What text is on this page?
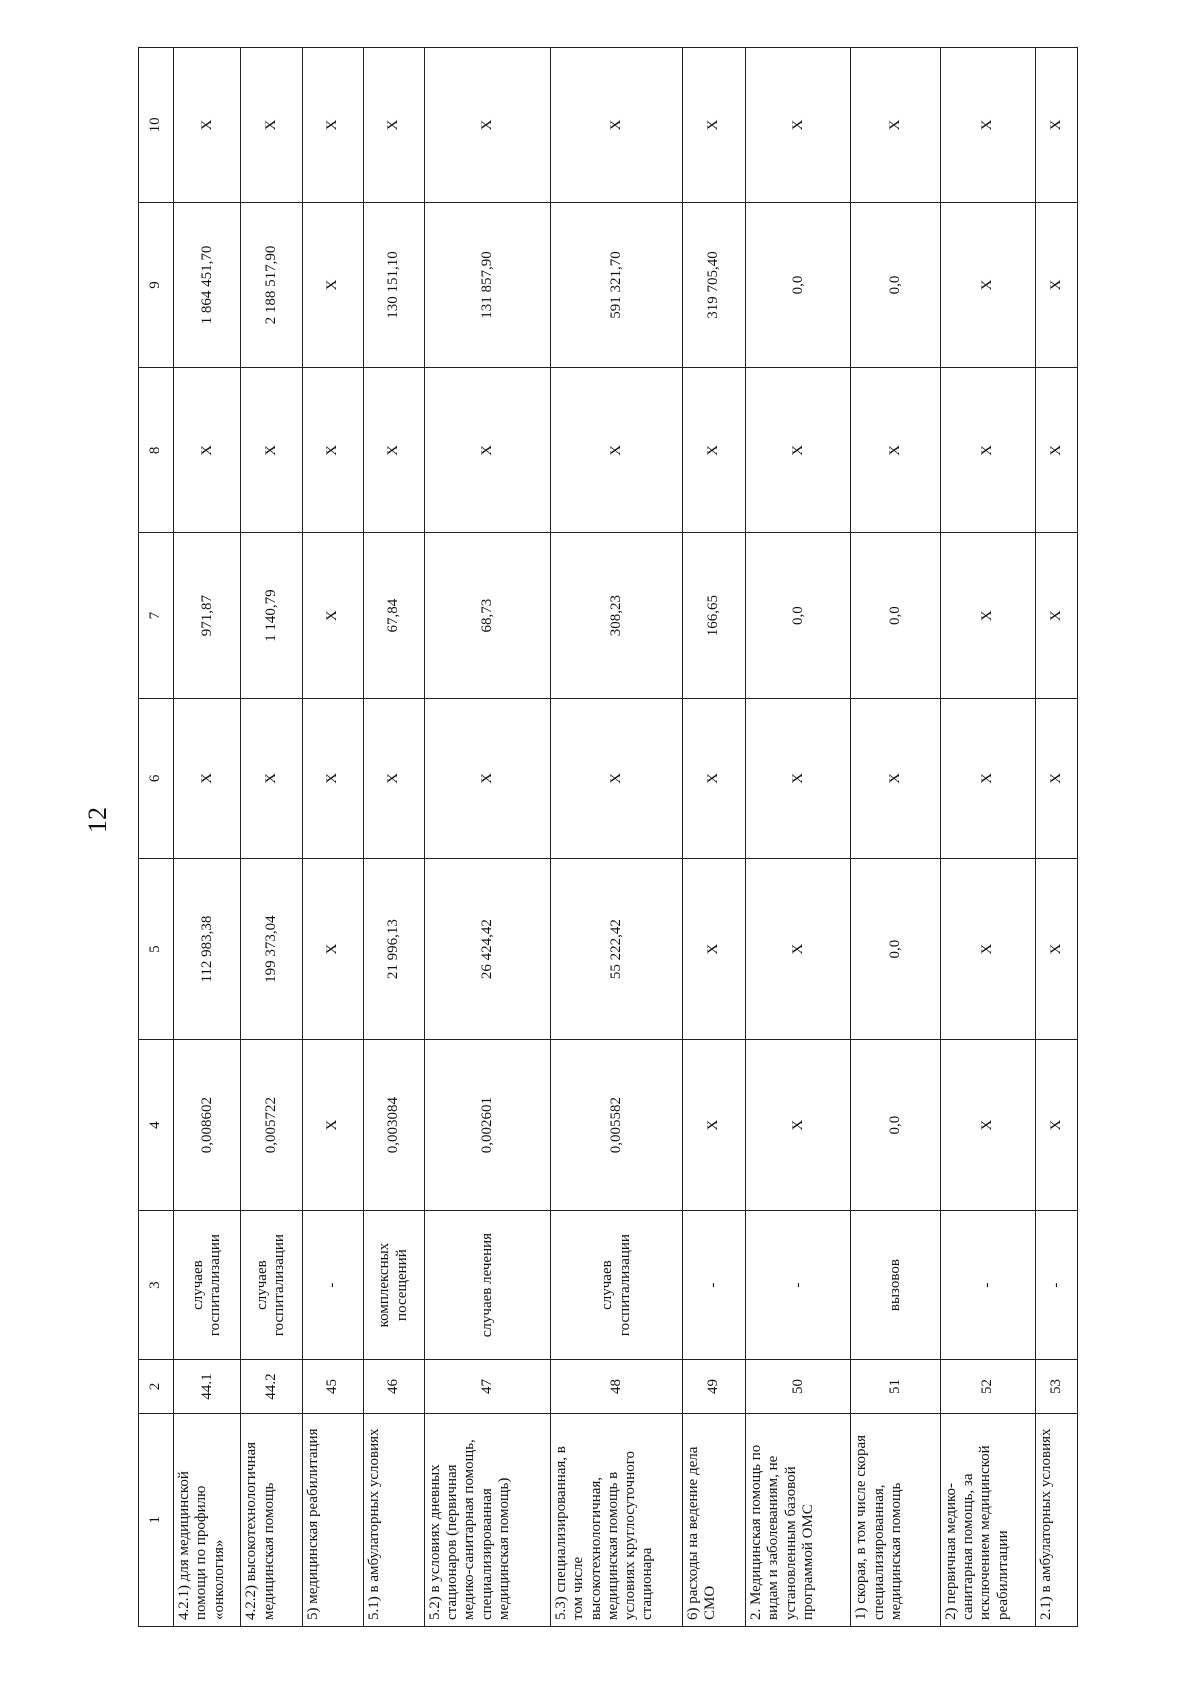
12
1	2	3	4	5	6	7	8	9	10
4.2.1) для медицинской помощи по профилю «онкология»	44.1	случаев госпитализации	0,008602	112 983,38	Х	971,87	Х	1 864 451,70	Х
4.2.2) высокотехнологичная медицинская помощь	44.2	случаев госпитализации	0,005722	199 373,04	Х	1 140,79	Х	2 188 517,90	Х
5) медицинская реабилитация	45	-	Х	Х	Х	Х	Х	Х	Х
5.1) в амбулаторных условиях	46	комплексных посещений	0,003084	21 996,13	Х	67,84	Х	130 151,10	Х
5.2) в условиях дневных стационаров (первичная медико-санитарная помощь, специализированная медицинская помощь)	47	случаев лечения	0,002601	26 424,42	Х	68,73	Х	131 857,90	Х
5.3) специализированная, в том числе высокотехнологичная, медицинская помощь в условиях круглосуточного стационара	48	случаев госпитализации	0,005582	55 222,42	Х	308,23	Х	591 321,70	Х
6) расходы на ведение дела СМО	49	-	Х	Х	Х	166,65	Х	319 705,40	Х
2. Медицинская помощь по видам и заболеваниям, не установленным базовой программой ОМС	50	-	Х	Х	Х	0,0	Х	0,0	Х
1) скорая, в том числе скорая специализированная, медицинская помощь	51	вызовов	0,0	0,0	Х	0,0	Х	0,0	Х
2) первичная медико-санитарная помощь, за исключением медицинской реабилитации	52	-	Х	Х	Х	Х	Х	Х	Х
2.1) в амбулаторных условиях	53	-	Х	Х	Х	Х	Х	Х	Х
